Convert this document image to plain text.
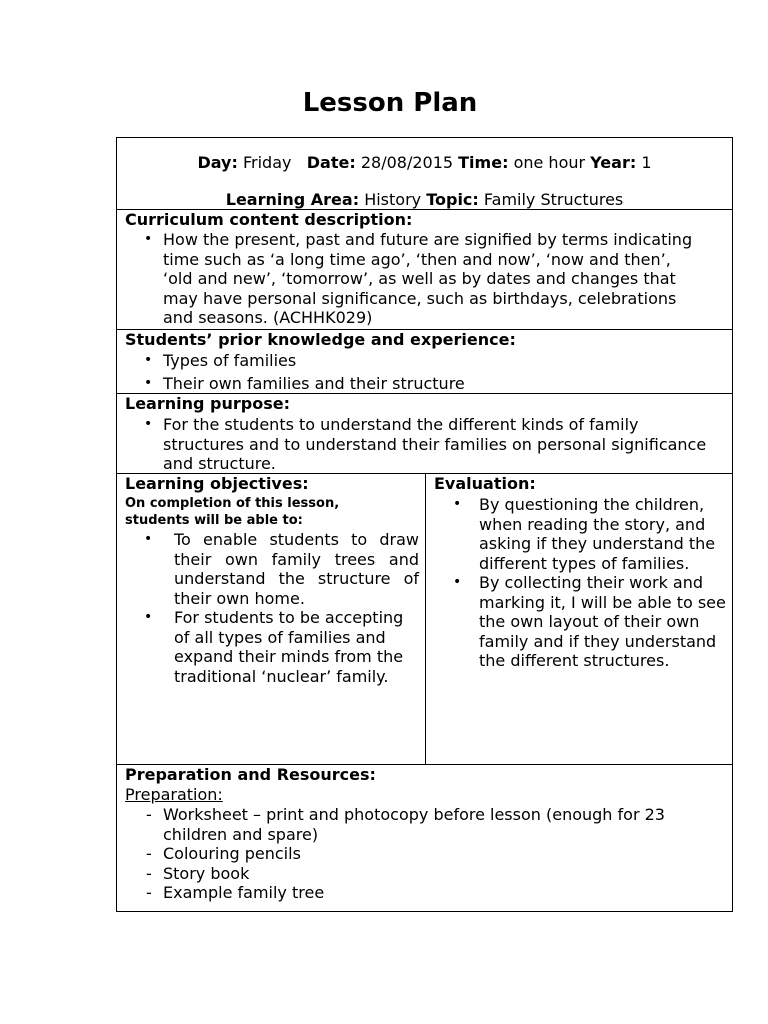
Lesson Plan
Day: Friday Date: 28/08/2015 Time: one hour Year: 1
Learning Area: History Topic: Family Structures
Curriculum content description:
• How the present, past and future are signified by terms indicating time such as ‘a long time ago’, ‘then and now’, ‘now and then’, ‘old and new’, ‘tomorrow’, as well as by dates and changes that may have personal significance, such as birthdays, celebrations and seasons. (ACHHK029)
Students’ prior knowledge and experience:
• Types of families
• Their own families and their structure
Learning purpose:
• For the students to understand the different kinds of family structures and to understand their families on personal significance and structure.
Learning objectives:
On completion of this lesson, students will be able to:
• To enable students to draw their own family trees and understand the structure of their own home.
• For students to be accepting of all types of families and expand their minds from the traditional ‘nuclear’ family.
Evaluation:
• By questioning the children, when reading the story, and asking if they understand the different types of families.
• By collecting their work and marking it, I will be able to see the own layout of their own family and if they understand the different structures.
Preparation and Resources:
Preparation:
- Worksheet – print and photocopy before lesson (enough for 23 children and spare)
- Colouring pencils
- Story book
- Example family tree
